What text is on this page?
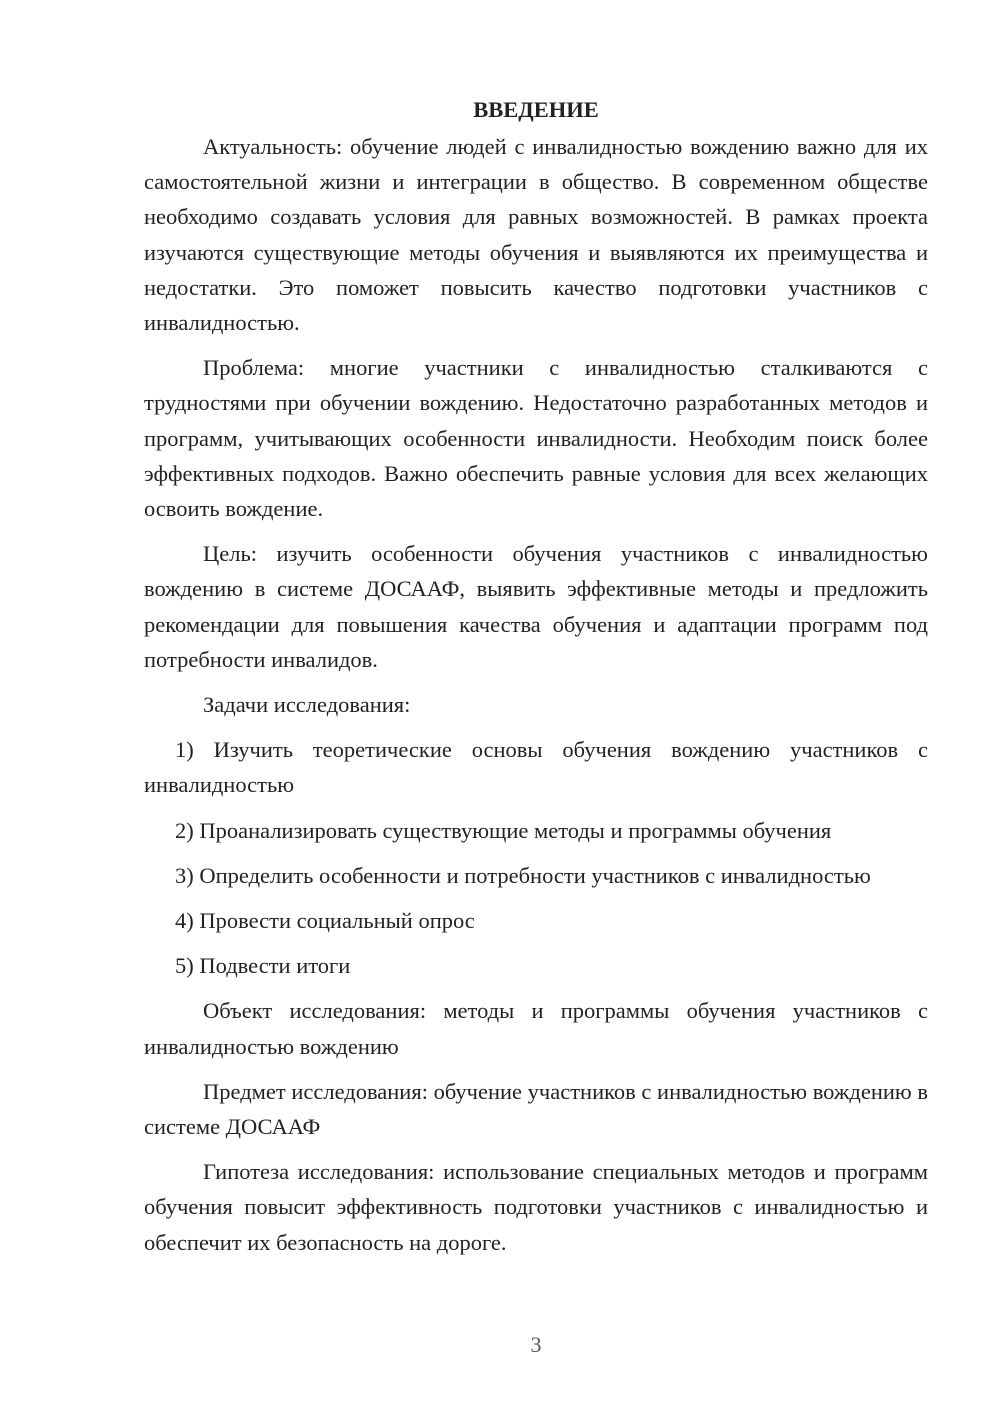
ВВЕДЕНИЕ

Актуальность: обучение людей с инвалидностью вождению важно для их самостоятельной жизни и интеграции в общество. В современном обществе необходимо создавать условия для равных возможностей. В рамках проекта изучаются существующие методы обучения и выявляются их преимущества и недостатки. Это поможет повысить качество подготовки участников с инвалидностью.

Проблема: многие участники с инвалидностью сталкиваются с трудностями при обучении вождению. Недостаточно разработанных методов и программ, учитывающих особенности инвалидности. Необходим поиск более эффективных подходов. Важно обеспечить равные условия для всех желающих освоить вождение.

Цель: изучить особенности обучения участников с инвалидностью вождению в системе ДОСААФ, выявить эффективные методы и предложить рекомендации для повышения качества обучения и адаптации программ под потребности инвалидов.

Задачи исследования:

1) Изучить теоретические основы обучения вождению участников с инвалидностью

2) Проанализировать существующие методы и программы обучения

3) Определить особенности и потребности участников с инвалидностью

4) Провести социальный опрос

5) Подвести итоги

Объект исследования: методы и программы обучения участников с инвалидностью вождению

Предмет исследования: обучение участников с инвалидностью вождению в системе ДОСААФ

Гипотеза исследования: использование специальных методов и программ обучения повысит эффективность подготовки участников с инвалидностью и обеспечит их безопасность на дороге.

3
